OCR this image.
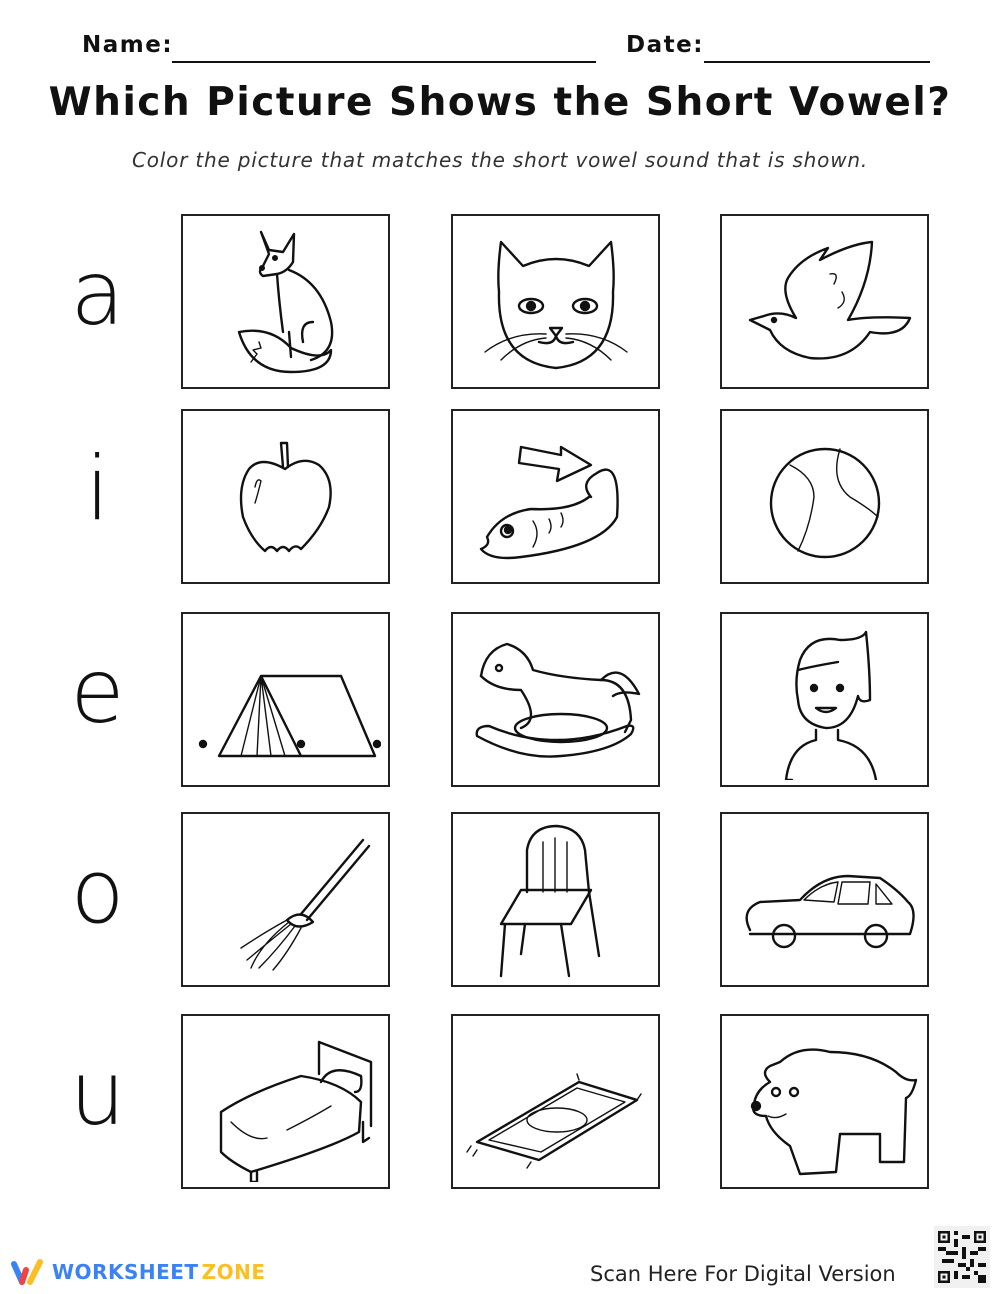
Name:	Date:
Which Picture Shows the Short Vowel?
Color the picture that matches the short vowel sound that is shown.
a
i
e
o
u
WORKSHEET ZONE	Scan Here For Digital Version
